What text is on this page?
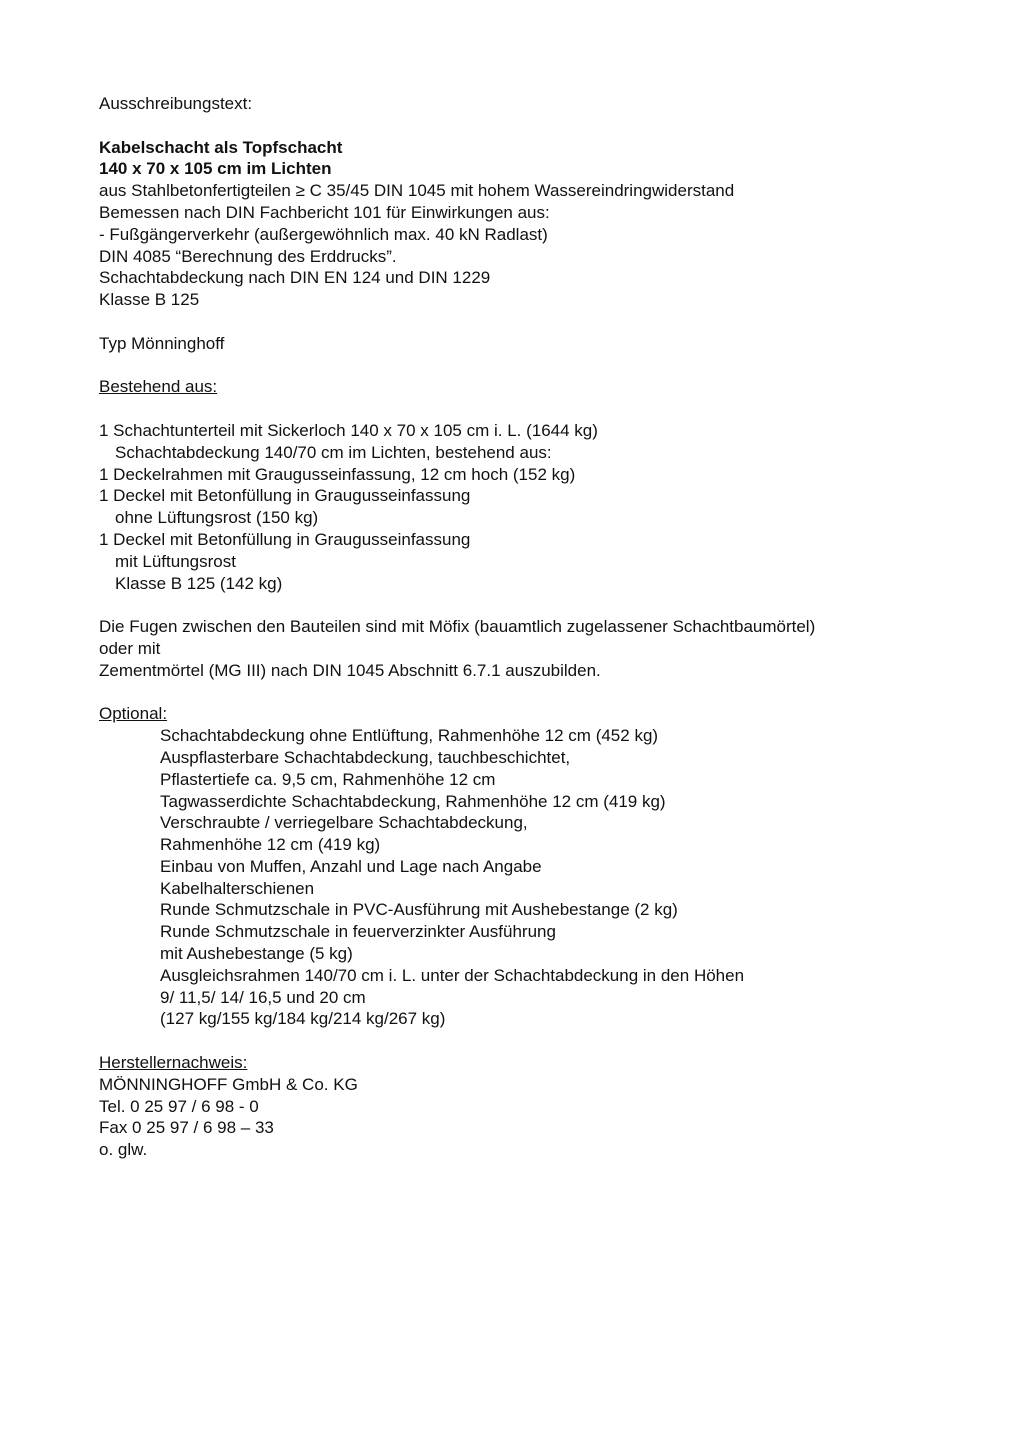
Ausschreibungstext:
Kabelschacht als Topfschacht
140 x 70 x 105 cm im Lichten
aus Stahlbetonfertigteilen ≥ C 35/45 DIN 1045 mit hohem Wassereindringwiderstand
Bemessen nach DIN Fachbericht 101 für Einwirkungen aus:
- Fußgängerverkehr (außergewöhnlich max. 40 kN Radlast)
DIN 4085 “Berechnung des Erddrucks”.
Schachtabdeckung nach DIN EN 124 und DIN 1229
Klasse B 125
Typ Mönninghoff
Bestehend aus:
1 Schachtunterteil mit Sickerloch 140 x 70 x 105 cm i. L. (1644 kg)
Schachtabdeckung 140/70 cm im Lichten, bestehend aus:
1 Deckelrahmen mit Graugusseinfassung, 12 cm hoch (152 kg)
1 Deckel mit Betonfüllung in Graugusseinfassung
ohne Lüftungsrost (150 kg)
1 Deckel mit Betonfüllung in Graugusseinfassung
mit Lüftungsrost
Klasse B 125 (142 kg)
Die Fugen zwischen den Bauteilen sind mit Möfix (bauamtlich zugelassener Schachtbaumörtel)
oder mit
Zementmörtel (MG III) nach DIN 1045 Abschnitt 6.7.1 auszubilden.
Optional:
Schachtabdeckung ohne Entlüftung, Rahmenhöhe 12 cm (452 kg)
Auspflasterbare Schachtabdeckung, tauchbeschichtet,
Pflastertiefe ca. 9,5 cm, Rahmenhöhe 12 cm
Tagwasserdichte Schachtabdeckung, Rahmenhöhe 12 cm (419 kg)
Verschraubte / verriegelbare Schachtabdeckung,
Rahmenhöhe 12 cm (419 kg)
Einbau von Muffen, Anzahl und Lage nach Angabe
Kabelhalterschienen
Runde Schmutzschale in PVC-Ausführung mit Aushebestange (2 kg)
Runde Schmutzschale in feuerverzinkter Ausführung
mit Aushebestange (5 kg)
Ausgleichsrahmen 140/70 cm i. L. unter der Schachtabdeckung in den Höhen
9/ 11,5/ 14/ 16,5 und 20 cm
(127 kg/155 kg/184 kg/214 kg/267 kg)
Herstellernachweis:
MÖNNINGHOFF GmbH & Co. KG
Tel. 0 25 97 / 6 98 - 0
Fax 0 25 97 / 6 98 – 33
o. glw.
